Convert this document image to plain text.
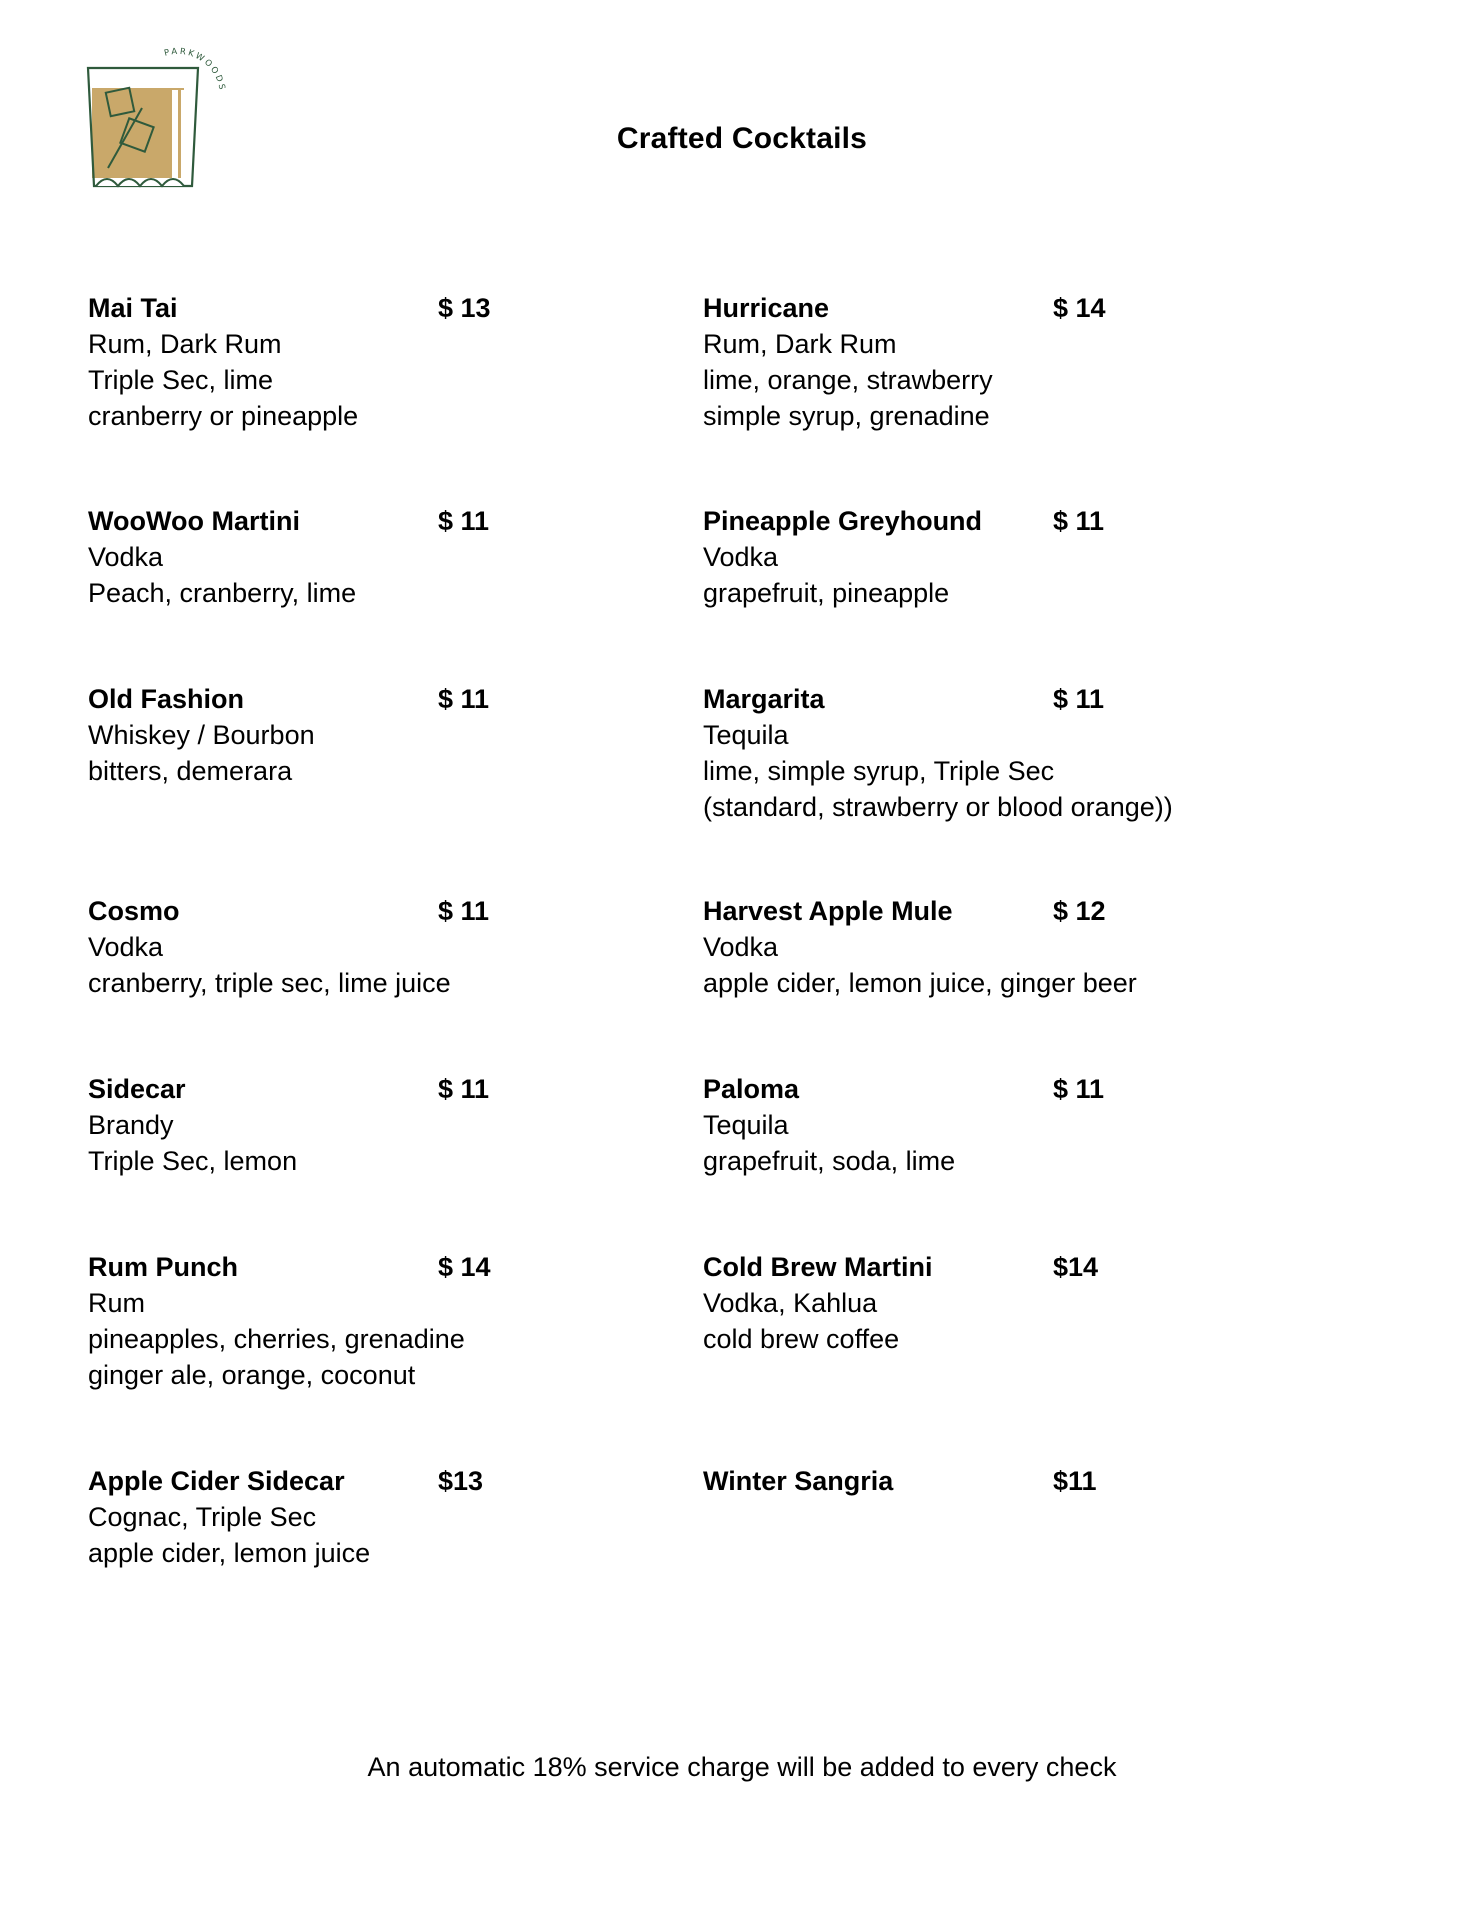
PARKWOODS
Crafted Cocktails
Mai Tai	$ 13
Rum, Dark Rum
Triple Sec, lime
cranberry or pineapple
WooWoo Martini	$ 11
Vodka
Peach, cranberry, lime
Old Fashion	$ 11
Whiskey / Bourbon
bitters, demerara
Cosmo	$ 11
Vodka
cranberry, triple sec, lime juice
Sidecar	$ 11
Brandy
Triple Sec, lemon
Rum Punch	$ 14
Rum
pineapples, cherries, grenadine
ginger ale, orange, coconut
Apple Cider Sidecar	$13
Cognac, Triple Sec
apple cider, lemon juice
Hurricane	$ 14
Rum, Dark Rum
lime, orange, strawberry
simple syrup, grenadine
Pineapple Greyhound	$ 11
Vodka
grapefruit, pineapple
Margarita	$ 11
Tequila
lime, simple syrup, Triple Sec
(standard, strawberry or blood orange))
Harvest Apple Mule	$ 12
Vodka
apple cider, lemon juice, ginger beer
Paloma	$ 11
Tequila
grapefruit, soda, lime
Cold Brew Martini	$14
Vodka, Kahlua
cold brew coffee
Winter Sangria	$11
An automatic 18% service charge will be added to every check
